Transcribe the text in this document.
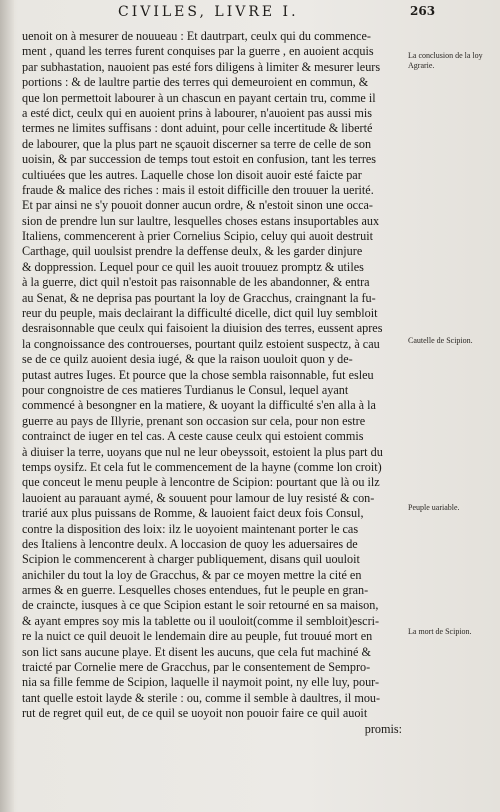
CIVILES, LIVRE I.	263
uenoit on à mesurer de nouueau : Et dautrpart, ceulx qui du commence-
ment , quand les terres furent conquises par la guerre , en auoient acquis
par subhastation, nauoient pas esté fors diligens à limiter & mesurer leurs
portions : & de laultre partie des terres qui demeuroient en commun, &
que lon permettoit labourer à un chascun en payant certain tru, comme il
a esté dict, ceulx qui en auoient prins à labourer, n'auoient pas aussi mis
termes ne limites suffisans : dont aduint, pour celle incertitude & liberté
de labourer, que la plus part ne sçauoit discerner sa terre de celle de son
uoisin, & par succession de temps tout estoit en confusion, tant les terres
cultiuées que les autres. Laquelle chose lon disoit auoir esté faicte par
fraude & malice des riches : mais il estoit difficille den trouuer la uerité.
Et par ainsi ne s'y pouoit donner aucun ordre, & n'estoit sinon une occa-
sion de prendre lun sur laultre, lesquelles choses estans insuportables aux
Italiens, commencerent à prier Cornelius Scipio, celuy qui auoit destruit
Carthage, quil uoulsist prendre la deffense deulx, & les garder dinjure
& doppression. Lequel pour ce quil les auoit trouuez promptz & utiles
à la guerre, dict quil n'estoit pas raisonnable de les abandonner, & entra
au Senat, & ne deprisa pas pourtant la loy de Gracchus, craingnant la fu-
reur du peuple, mais declairant la difficulté dicelle, dict quil luy sembloit
desraisonnable que ceulx qui faisoient la diuision des terres, eussent apres
la congnoissance des controuerses, pourtant quilz estoient suspectz, à cau
se de ce quilz auoient desia iugé, & que la raison uouloit quon y de-
putast autres Iuges. Et pource que la chose sembla raisonnable, fut esleu
pour congnoistre de ces matieres Turdianus le Consul, lequel ayant
commencé à besongner en la matiere, & uoyant la difficulté s'en alla à la
guerre au pays de Illyrie, prenant son occasion sur cela, pour non estre
contrainct de iuger en tel cas. A ceste cause ceulx qui estoient commis
à diuiser la terre, uoyans que nul ne leur obeyssoit, estoient la plus part du
temps oysifz. Et cela fut le commencement de la hayne (comme lon croit)
que conceut le menu peuple à lencontre de Scipion: pourtant que là ou ilz
lauoient au parauant aymé, & souuent pour lamour de luy resisté & con-
trarié aux plus puissans de Romme, & lauoient faict deux fois Consul,
contre la disposition des loix: ilz le uoyoient maintenant porter le cas
des Italiens à lencontre deulx. A loccasion de quoy les aduersaires de
Scipion le commencerent à charger publiquement, disans quil uouloit
anichiler du tout la loy de Gracchus, & par ce moyen mettre la cité en
armes & en guerre. Lesquelles choses entendues, fut le peuple en gran-
de craincte, iusques à ce que Scipion estant le soir retourné en sa maison,
& ayant empres soy mis la tablette ou il uouloit(comme il sembloit)escri-
re la nuict ce quil deuoit le lendemain dire au peuple, fut trouué mort en
son lict sans aucune playe. Et disent les aucuns, que cela fut machiné &
traicté par Cornelie mere de Gracchus, par le consentement de Sempro-
nia sa fille femme de Scipion, laquelle il naymoit point, ny elle luy, pour-
tant quelle estoit layde & sterile : ou, comme il semble à daultres, il mou-
rut de regret quil eut, de ce quil se uoyoit non pouoir faire ce quil auoit
promis:
La conclusion de la loy Agrarie.
Cautelle de Scipion.
Peuple uariable.
La mort de Scipion.
